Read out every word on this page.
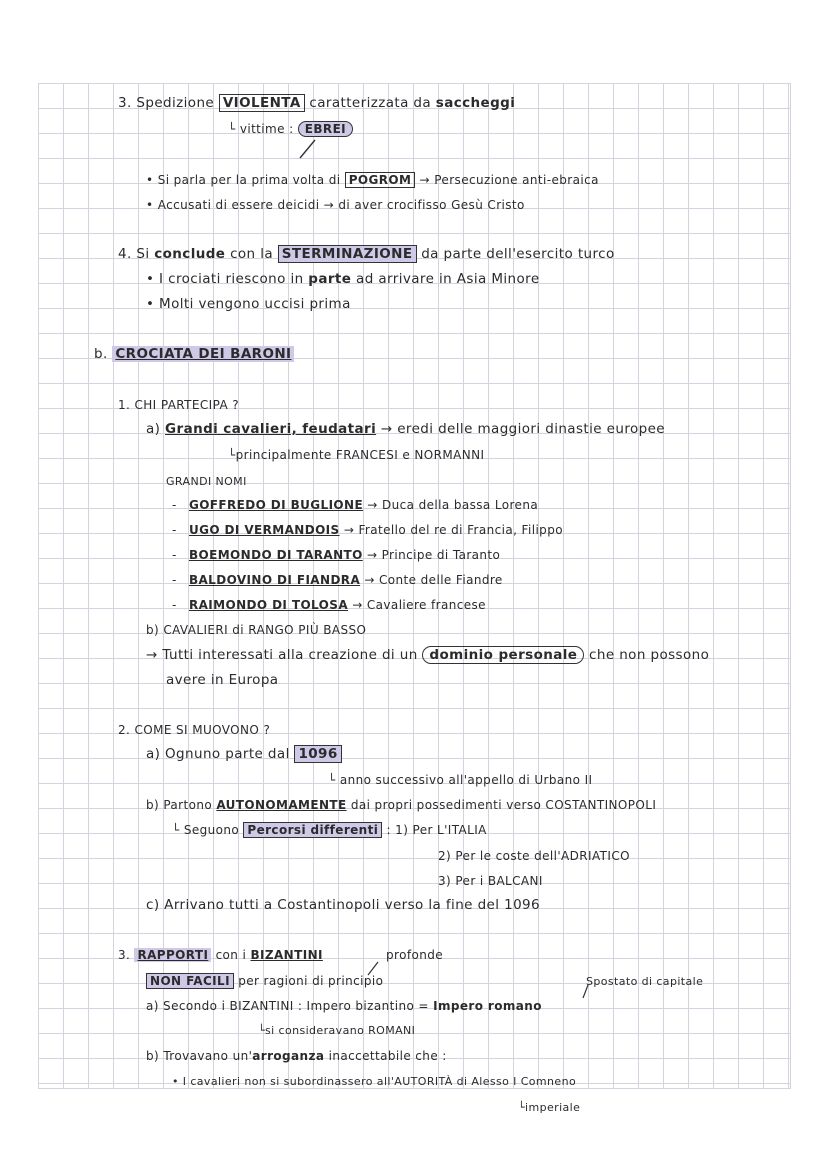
3. Spedizione VIOLENTA caratterizzata da saccheggi
└ vittime : EBREI
• Si parla per la prima volta di POGROM → Persecuzione anti-ebraica
• Accusati di essere deicidi → di aver crocifisso Gesù Cristo
4. Si conclude con la STERMINAZIONE da parte dell'esercito turco
• I crociati riescono in parte ad arrivare in Asia Minore
• Molti vengono uccisi prima
b. CROCIATA DEI BARONI
1. CHI PARTECIPA ?
a) Grandi cavalieri, feudatari → eredi delle maggiori dinastie europee
└principalmente FRANCESI e NORMANNI
GRANDI NOMI
- GOFFREDO DI BUGLIONE → Duca della bassa Lorena
- UGO DI VERMANDOIS → Fratello del re di Francia, Filippo
- BOEMONDO DI TARANTO → Principe di Taranto
- BALDOVINO DI FIANDRA → Conte delle Fiandre
- RAIMONDO DI TOLOSA → Cavaliere francese
b) CAVALIERI di RANGO PIÙ BASSO
→ Tutti interessati alla creazione di un dominio personale che non possono
avere in Europa
2. COME SI MUOVONO ?
a) Ognuno parte dal 1096
└ anno successivo all'appello di Urbano II
b) Partono AUTONOMAMENTE dai propri possedimenti verso COSTANTINOPOLI
└ Seguono Percorsi differenti : 1) Per L'ITALIA
2) Per le coste dell'ADRIATICO
3) Per i BALCANI
c) Arrivano tutti a Costantinopoli verso la fine del 1096
profonde
3. RAPPORTI con i BIZANTINI
NON FACILI per ragioni di principio	Spostato di capitale
a) Secondo i BIZANTINI : Impero bizantino = Impero romano
└si consideravano ROMANI
b) Trovavano un'arroganza inaccettabile che :
• I cavalieri non si subordinassero all'AUTORITÀ di Alesso I Comneno
└imperiale
